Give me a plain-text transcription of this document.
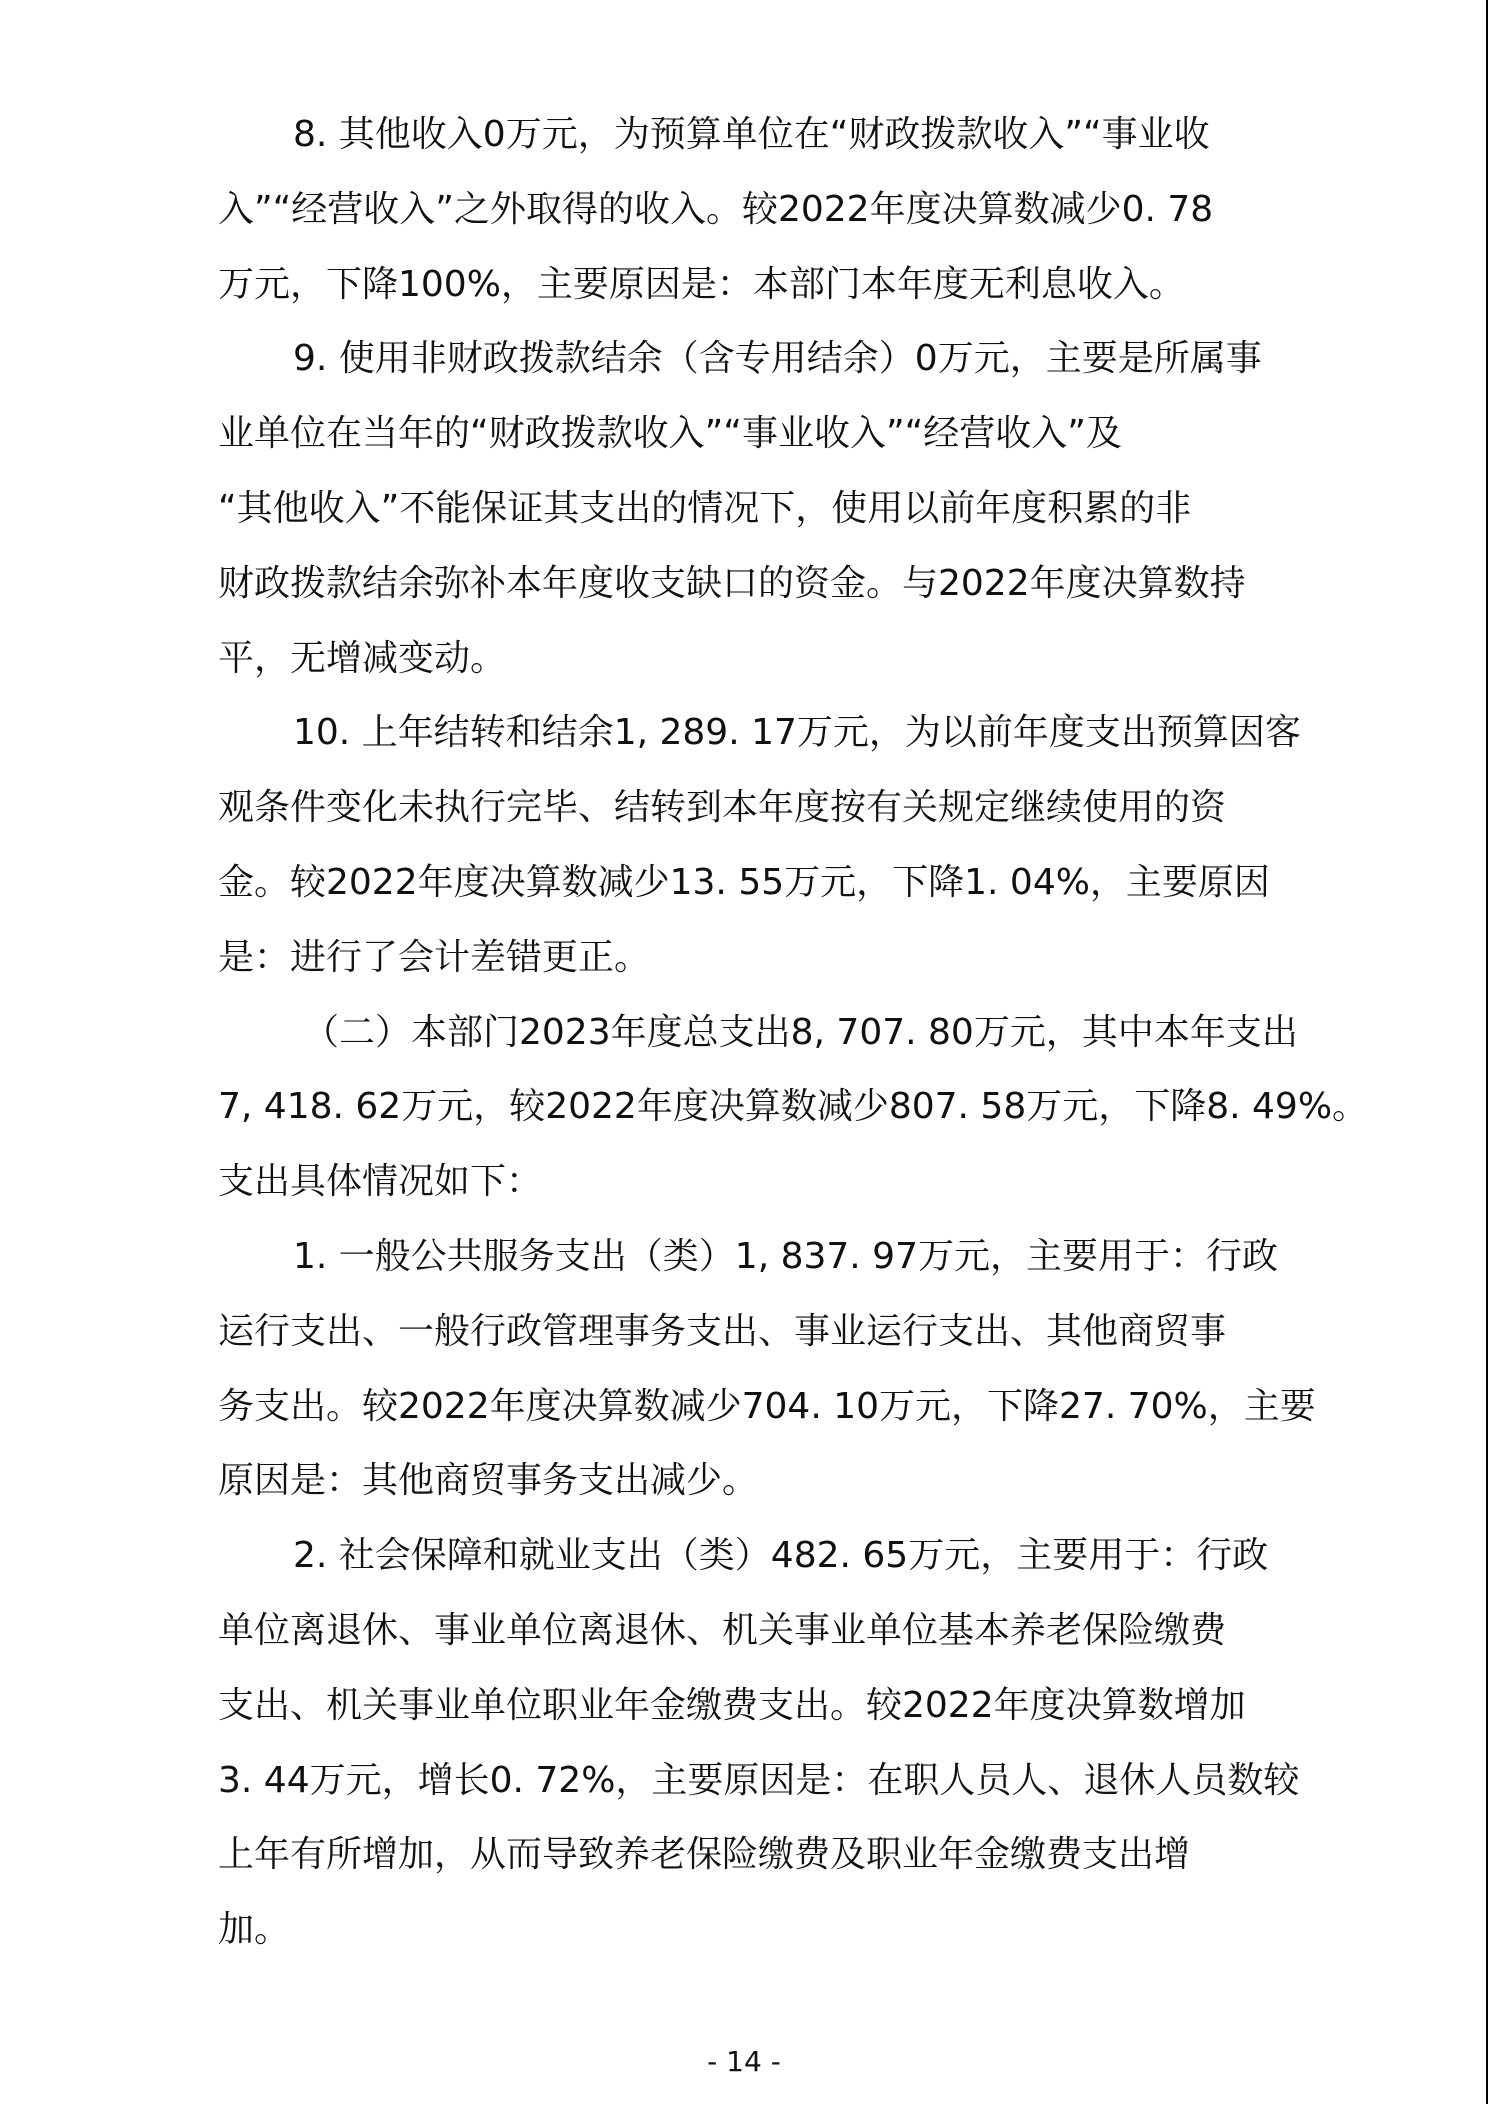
8. 其他收入0万元，为预算单位在“财政拨款收入”“事业收
入”“经营收入”之外取得的收入。较2022年度决算数减少0. 78
万元，下降100%，主要原因是：本部门本年度无利息收入。
9. 使用非财政拨款结余（含专用结余）0万元，主要是所属事
业单位在当年的“财政拨款收入”“事业收入”“经营收入”及
“其他收入”不能保证其支出的情况下，使用以前年度积累的非
财政拨款结余弥补本年度收支缺口的资金。与2022年度决算数持
平，无增减变动。
10. 上年结转和结余1, 289. 17万元，为以前年度支出预算因客
观条件变化未执行完毕、结转到本年度按有关规定继续使用的资
金。较2022年度决算数减少13. 55万元，下降1. 04%，主要原因
是：进行了会计差错更正。
（二）本部门2023年度总支出8, 707. 80万元，其中本年支出
7, 418. 62万元，较2022年度决算数减少807. 58万元，下降8. 49%。
支出具体情况如下：
1. 一般公共服务支出（类）1, 837. 97万元，主要用于：行政
运行支出、一般行政管理事务支出、事业运行支出、其他商贸事
务支出。较2022年度决算数减少704. 10万元，下降27. 70%，主要
原因是：其他商贸事务支出减少。
2. 社会保障和就业支出（类）482. 65万元，主要用于：行政
单位离退休、事业单位离退休、机关事业单位基本养老保险缴费
支出、机关事业单位职业年金缴费支出。较2022年度决算数增加
3. 44万元，增长0. 72%，主要原因是：在职人员人、退休人员数较
上年有所增加，从而导致养老保险缴费及职业年金缴费支出增
加。
- 14 -
